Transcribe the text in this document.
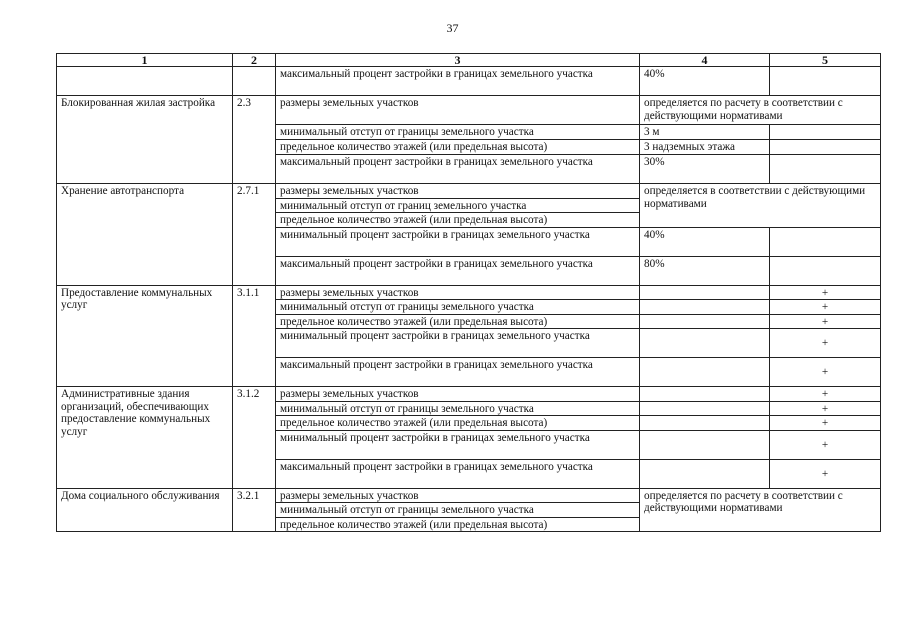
37
1	2	3	4	5
		максимальный процент застройки в границах земельного участка	40%	
Блокированная жилая застройка	2.3	размеры земельных участков	определяется по расчету в соответствии с действующими нормативами	
		минимальный отступ от границы земельного участка	3 м	
		предельное количество этажей (или предельная высота)	3 надземных этажа	
		максимальный процент застройки в границах земельного участка	30%	
Хранение автотранспорта	2.7.1	размеры земельных участков	определяется в соответствии с действующими нормативами	
		минимальный отступ от границ земельного участка		
		предельное количество этажей (или предельная высота)		
		минимальный процент застройки в границах земельного участка	40%	
		максимальный процент застройки в границах земельного участка	80%	
Предоставление коммунальных услуг	3.1.1	размеры земельных участков		+
		минимальный отступ от границы земельного участка		+
		предельное количество этажей (или предельная высота)		+
		минимальный процент застройки в границах земельного участка		+
		максимальный процент застройки в границах земельного участка		+
Административные здания организаций, обеспечивающих предоставление коммунальных услуг	3.1.2	размеры земельных участков		+
		минимальный отступ от границы земельного участка		+
		предельное количество этажей (или предельная высота)		+
		минимальный процент застройки в границах земельного участка		+
		максимальный процент застройки в границах земельного участка		+
Дома социального обслуживания	3.2.1	размеры земельных участков	определяется по расчету в соответствии с действующими нормативами	
		минимальный отступ от границы земельного участка		
		предельное количество этажей (или предельная высота)		
